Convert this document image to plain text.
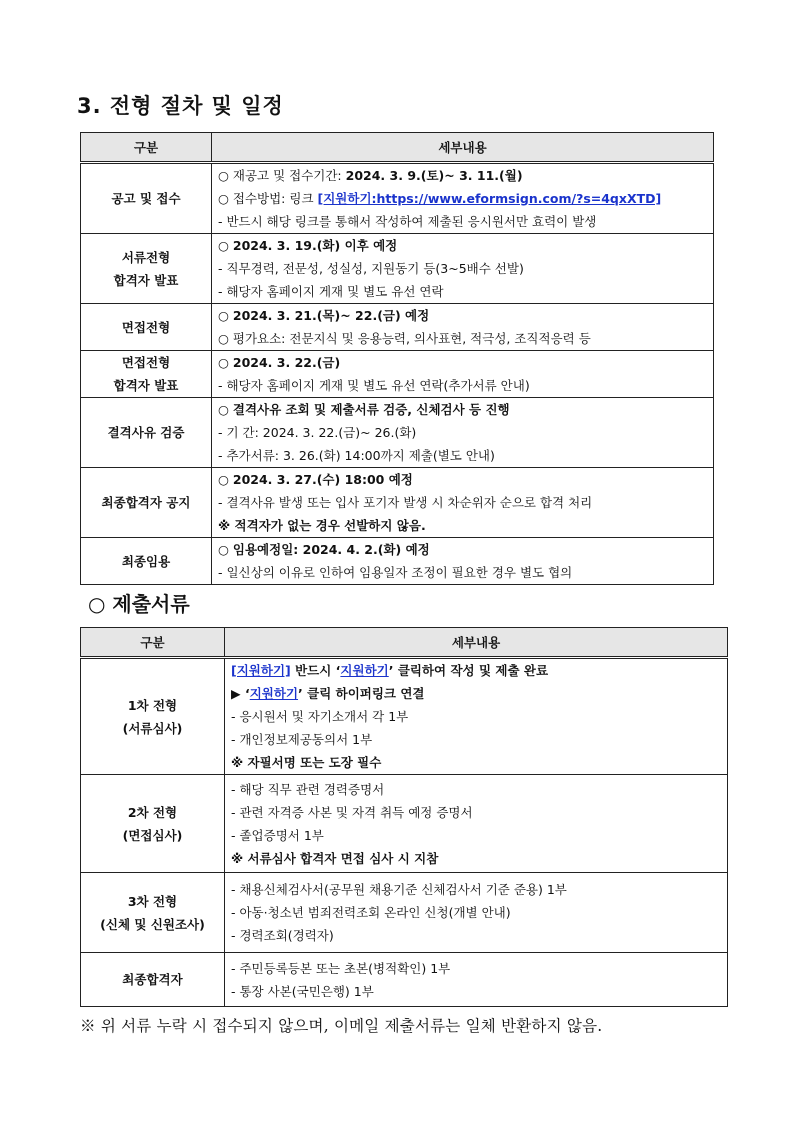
3. 전형 절차 및 일정
구분	세부내용

공고 및 접수	○ 재공고 및 접수기간: 2024. 3. 9.(토)~ 3. 11.(월)
○ 접수방법: 링크 [지원하기:https://www.eformsign.com/?s=4qxXTD]
- 반드시 해당 링크를 통해서 작성하여 제출된 응시원서만 효력이 발생

서류전형
합격자 발표	○ 2024. 3. 19.(화) 이후 예정
- 직무경력, 전문성, 성실성, 지원동기 등(3~5배수 선발)
- 해당자 홈페이지 게재 및 별도 유선 연락

면접전형	○ 2024. 3. 21.(목)~ 22.(금) 예정
○ 평가요소: 전문지식 및 응용능력, 의사표현, 적극성, 조직적응력 등

면접전형
합격자 발표	○ 2024. 3. 22.(금)
- 해당자 홈페이지 게재 및 별도 유선 연락(추가서류 안내)

결격사유 검증	○ 결격사유 조회 및 제출서류 검증, 신체검사 등 진행
- 기 간: 2024. 3. 22.(금)~ 26.(화)
- 추가서류: 3. 26.(화) 14:00까지 제출(별도 안내)

최종합격자 공지	○ 2024. 3. 27.(수) 18:00 예정
- 결격사유 발생 또는 입사 포기자 발생 시 차순위자 순으로 합격 처리
※ 적격자가 없는 경우 선발하지 않음.

최종임용	○ 임용예정일: 2024. 4. 2.(화) 예정
- 일신상의 이유로 인하여 임용일자 조정이 필요한 경우 별도 협의
○ 제출서류
구분	세부내용

1차 전형
(서류심사)	[지원하기] 반드시 ‘지원하기’ 클릭하여 작성 및 제출 완료
▶ ‘지원하기’ 클릭 하이퍼링크 연결
- 응시원서 및 자기소개서 각 1부
- 개인정보제공동의서 1부
※ 자필서명 또는 도장 필수

2차 전형
(면접심사)	- 해당 직무 관련 경력증명서
- 관련 자격증 사본 및 자격 취득 예정 증명서
- 졸업증명서 1부
※ 서류심사 합격자 면접 심사 시 지참

3차 전형
(신체 및 신원조사)	- 채용신체검사서(공무원 채용기준 신체검사서 기준 준용) 1부
- 아동·청소년 범죄전력조회 온라인 신청(개별 안내)
- 경력조회(경력자)

최종합격자	- 주민등록등본 또는 초본(병적확인) 1부
- 통장 사본(국민은행) 1부
※ 위 서류 누락 시 접수되지 않으며, 이메일 제출서류는 일체 반환하지 않음.
